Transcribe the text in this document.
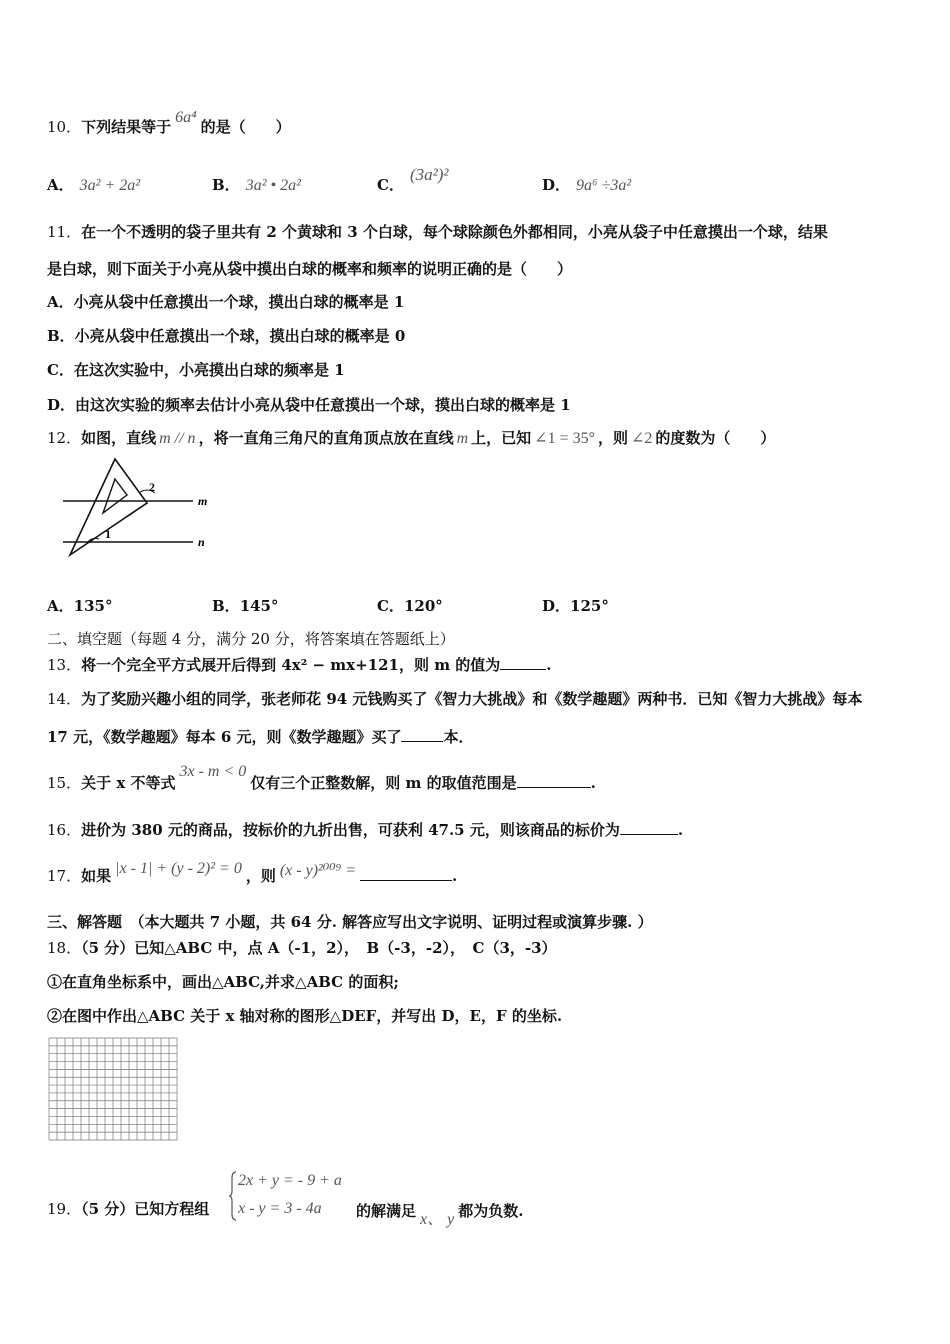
10．下列结果等于6a⁴的是（　　）
A． 3a² + 2a²	B． 3a² • 2a²	C．(3a²)²
D． 9a⁶ ÷3a²
11．在一个不透明的袋子里共有 2 个黄球和 3 个白球，每个球除颜色外都相同，小亮从袋子中任意摸出一个球，结果
是白球，则下面关于小亮从袋中摸出白球的概率和频率的说明正确的是（　　）
A．小亮从袋中任意摸出一个球，摸出白球的概率是 1
B．小亮从袋中任意摸出一个球，摸出白球的概率是 0
C．在这次实验中，小亮摸出白球的频率是 1
D．由这次实验的频率去估计小亮从袋中任意摸出一个球，摸出白球的概率是 1
12．如图，直线 m // n ，将一直角三角尺的直角顶点放在直线 m 上，已知 ∠1 = 35° ，则 ∠2 的度数为（　　）
2
1
m
n
A．135°	B．145°	C．120°	D．125°
二、填空题（每题 4 分，满分 20 分，将答案填在答题纸上）
13．将一个完全平方式展开后得到 4x² − mx+121，则 m 的值为	.
14．为了奖励兴趣小组的同学，张老师花 94 元钱购买了《智力大挑战》和《数学趣题》两种书．已知《智力大挑战》每本
17 元，《数学趣题》每本 6 元，则《数学趣题》买了	本．
15．关于 x 不等式3x - m < 0仅有三个正整数解，则 m 的取值范围是	.
16．进价为 380 元的商品，按标价的九折出售，可获利 47.5 元，则该商品的标价为	.
17．如果 |x - 1| + (y - 2)² = 0 ，则 (x - y)²⁰⁰⁹ =	.
三、解答题　（本大题共 7 小题，共 64 分. 解答应写出文字说明、证明过程或演算步骤. ）
18．（5 分）已知△ABC 中，点 A（-1，2），　B（-3，-2），　C（3，-3）
①在直角坐标系中，画出△ABC,并求△ABC 的面积;
②在图中作出△ABC 关于 x 轴对称的图形△DEF，并写出 D，E，F 的坐标.
19．（5 分）已知方程组
2x + y = - 9 + a
x - y = 3 - 4a 的解满足 x、 y 都为负数.
